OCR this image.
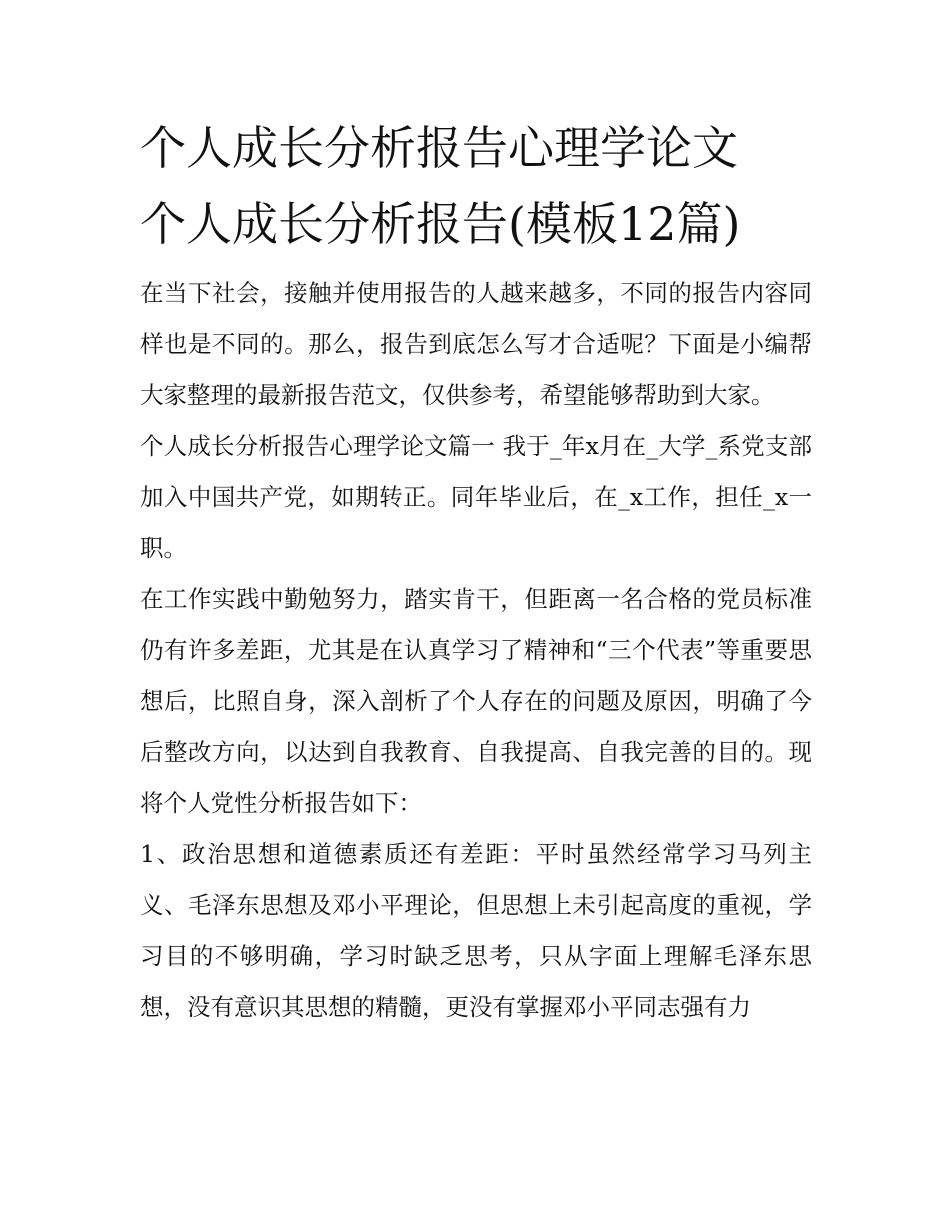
个人成长分析报告心理学论文
个人成长分析报告(模板12篇)

在当下社会，接触并使用报告的人越来越多，不同的报告内容同样也是不同的。那么，报告到底怎么写才合适呢？下面是小编帮大家整理的最新报告范文，仅供参考，希望能够帮助到大家。

个人成长分析报告心理学论文篇一 我于_年x月在_大学_系党支部加入中国共产党，如期转正。同年毕业后，在_x工作，担任_x一职。

在工作实践中勤勉努力，踏实肯干，但距离一名合格的党员标准仍有许多差距，尤其是在认真学习了精神和“三个代表”等重要思想后，比照自身，深入剖析了个人存在的问题及原因，明确了今后整改方向，以达到自我教育、自我提高、自我完善的目的。现将个人党性分析报告如下：

1、政治思想和道德素质还有差距：平时虽然经常学习马列主义、毛泽东思想及邓小平理论，但思想上未引起高度的重视，学习目的不够明确，学习时缺乏思考，只从字面上理解毛泽东思想，没有意识其思想的精髓，更没有掌握邓小平同志强有力
